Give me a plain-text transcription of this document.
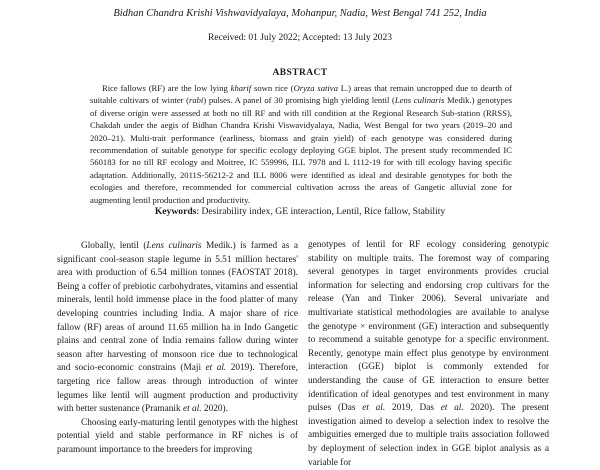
Bidhan Chandra Krishi Vishwavidyalaya, Mohanpur, Nadia, West Bengal 741 252, India
Received: 01 July 2022; Accepted: 13 July 2023
ABSTRACT

Rice fallows (RF) are the low lying kharif sown rice (Oryza sativa L.) areas that remain uncropped due to dearth of suitable cultivars of winter (rabi) pulses. A panel of 30 promising high yielding lentil (Lens culinaris Medik.) genotypes of diverse origin were assessed at both no till RF and with till condition at the Regional Research Sub-station (RRSS), Chakdah under the aegis of Bidhan Chandra Krishi Viswavidyalaya, Nadia, West Bengal for two years (2019–20 and 2020–21). Multi-trait performance (earliness, biomass and grain yield) of each genotype was considered during recommendation of suitable genotype for specific ecology deploying GGE biplot. The present study recommended IC 560183 for no till RF ecology and Moitree, IC 559996, ILL 7978 and L 1112-19 for with till ecology having specific adaptation. Additionally, 2011S-56212-2 and ILL 8006 were identified as ideal and desirable genotypes for both the ecologies and therefore, recommended for commercial cultivation across the areas of Gangetic alluvial zone for augmenting lentil production and productivity.

Keywords: Desirability index, GE interaction, Lentil, Rice fallow, Stability

Globally, lentil (Lens culinaris Medik.) is farmed as a significant cool-season staple legume in 5.51 million hectares' area with production of 6.54 million tonnes (FAOSTAT 2018). Being a coffer of prebiotic carbohydrates, vitamins and essential minerals, lentil hold immense place in the food platter of many developing countries including India. A major share of rice fallow (RF) areas of around 11.65 million ha in Indo Gangetic plains and central zone of India remains fallow during winter season after harvesting of monsoon rice due to technological and socio-economic constrains (Maji et al. 2019). Therefore, targeting rice fallow areas through introduction of winter legumes like lentil will augment production and productivity with better sustenance (Pramanik et al. 2020).

Choosing early-maturing lentil genotypes with the highest potential yield and stable performance in RF niches is of paramount importance to the breeders for improving

genotypes of lentil for RF ecology considering genotypic stability on multiple traits. The foremost way of comparing several genotypes in target environments provides crucial information for selecting and endorsing crop cultivars for the release (Yan and Tinker 2006). Several univariate and multivariate statistical methodologies are available to analyse the genotype × environment (GE) interaction and subsequently to recommend a suitable genotype for a specific environment. Recently, genotype main effect plus genotype by environment interaction (GGE) biplot is commonly extended for understanding the cause of GE interaction to ensure better identification of ideal genotypes and test environment in many pulses (Das et al. 2019, Das et al. 2020). The present investigation aimed to develop a selection index to resolve the ambiguities emerged due to multiple traits association followed by deployment of selection index in GGE biplot analysis as a variable for
